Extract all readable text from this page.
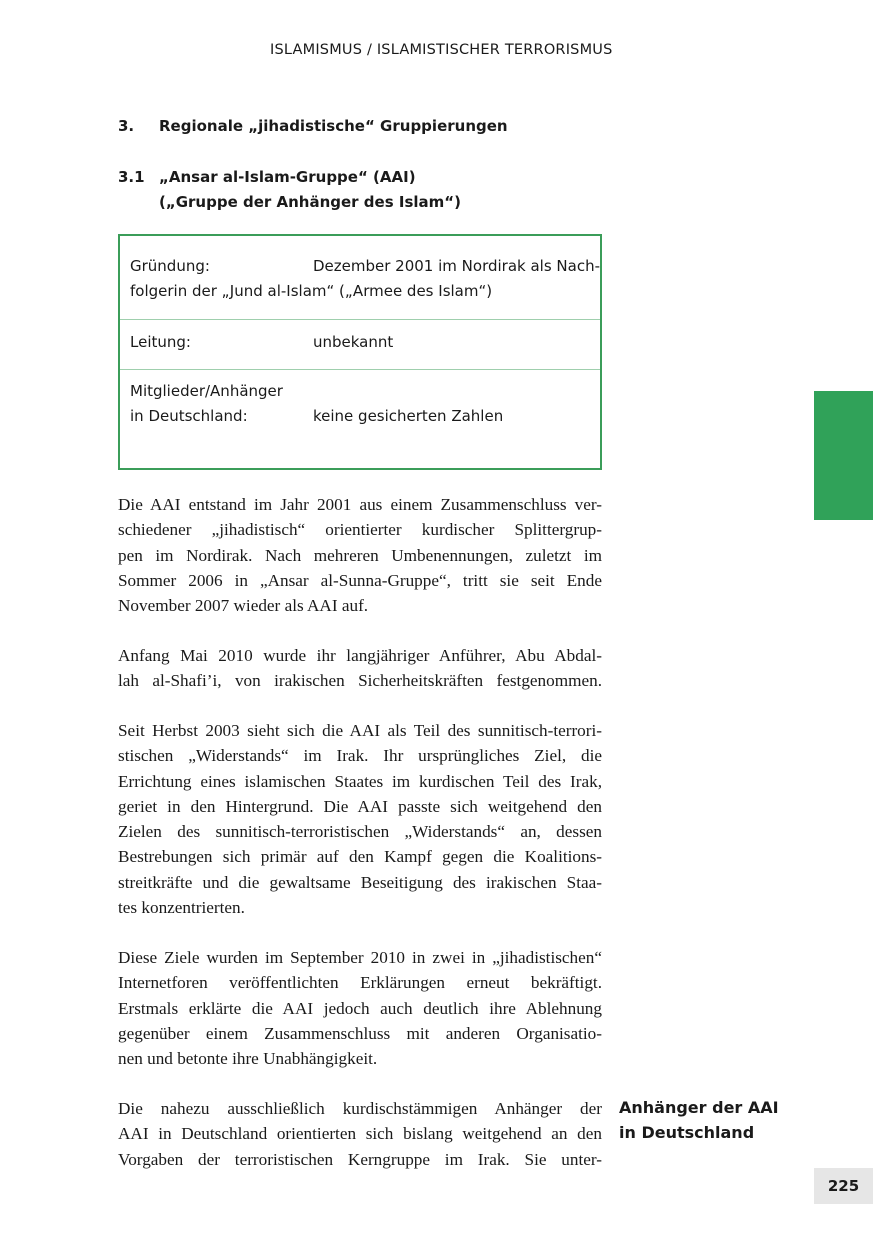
ISLAMISMUS / ISLAMISTISCHER TERRORISMUS
3. Regionale „jihadistische“ Gruppierungen
3.1 „Ansar al-Islam-Gruppe“ (AAI)
(„Gruppe der Anhänger des Islam“)
Gründung:	Dezember 2001 im Nordirak als Nach-
folgerin der „Jund al-Islam“ („Armee des Islam“)
Leitung:	unbekannt
Mitglieder/Anhänger
in Deutschland:	keine gesicherten Zahlen
Die AAI entstand im Jahr 2001 aus einem Zusammenschluss ver-
schiedener „jihadistisch“ orientierter kurdischer Splittergrup-
pen im Nordirak. Nach mehreren Umbenennungen, zuletzt im
Sommer 2006 in „Ansar al-Sunna-Gruppe“, tritt sie seit Ende
November 2007 wieder als AAI auf.
Anfang Mai 2010 wurde ihr langjähriger Anführer, Abu Abdal-
lah al-Shafi’i, von irakischen Sicherheitskräften festgenommen.
Seit Herbst 2003 sieht sich die AAI als Teil des sunnitisch-terrori-
stischen „Widerstands“ im Irak. Ihr ursprüngliches Ziel, die
Errichtung eines islamischen Staates im kurdischen Teil des Irak,
geriet in den Hintergrund. Die AAI passte sich weitgehend den
Zielen des sunnitisch-terroristischen „Widerstands“ an, dessen
Bestrebungen sich primär auf den Kampf gegen die Koalitions-
streitkräfte und die gewaltsame Beseitigung des irakischen Staa-
tes konzentrierten.
Diese Ziele wurden im September 2010 in zwei in „jihadistischen“
Internetforen veröffentlichten Erklärungen erneut bekräftigt.
Erstmals erklärte die AAI jedoch auch deutlich ihre Ablehnung
gegenüber einem Zusammenschluss mit anderen Organisatio-
nen und betonte ihre Unabhängigkeit.
Die nahezu ausschließlich kurdischstämmigen Anhänger der
AAI in Deutschland orientierten sich bislang weitgehend an den
Vorgaben der terroristischen Kerngruppe im Irak. Sie unter-
Anhänger der AAI
in Deutschland
225
